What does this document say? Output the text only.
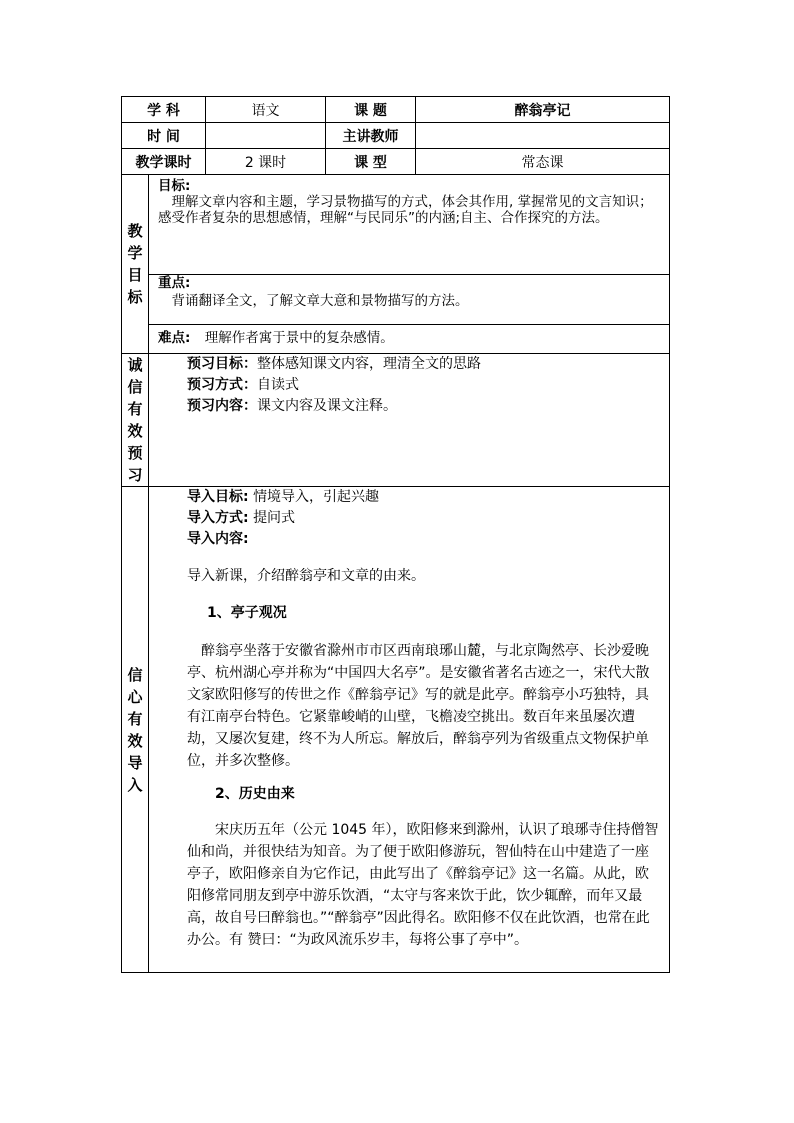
学 科	语文	课 题	醉翁亭记
时 间		主讲教师	
教学课时	2 课时	课 型	常态课

教
学
目
标

目标:
理解文章内容和主题，学习景物描写的方式，体会其作用, 掌握常见的文言知识；
感受作者复杂的思想感情，理解“与民同乐”的内涵;自主、合作探究的方法。

重点:
背诵翻译全文，了解文章大意和景物描写的方法。

难点: 理解作者寓于景中的复杂感情。

诚
信
有
效
预
习

预习目标：整体感知课文内容，理清全文的思路

预习方式：自读式

预习内容：课文内容及课文注释。

信
心
有
效
导
入

导入目标: 情境导入，引起兴趣

导入方式: 提问式

导入内容:

导入新课，介绍醉翁亭和文章的由来。

1、亭子观况

醉翁亭坐落于安徽省滁州市市区西南琅琊山麓，与北京陶然亭、长沙爱晚亭、杭州湖心亭并称为“中国四大名亭”。是安徽省著名古迹之一，宋代大散文家欧阳修写的传世之作《醉翁亭记》写的就是此亭。醉翁亭小巧独特，具有江南亭台特色。它紧靠峻峭的山壁，飞檐凌空挑出。数百年来虽屡次遭劫，又屡次复建，终不为人所忘。解放后，醉翁亭列为省级重点文物保护单位，并多次整修。

2、历史由来

宋庆历五年（公元 1045 年），欧阳修来到滁州，认识了琅琊寺住持僧智仙和尚，并很快结为知音。为了便于欧阳修游玩，智仙特在山中建造了一座亭子，欧阳修亲自为它作记，由此写出了《醉翁亭记》这一名篇。从此，欧阳修常同朋友到亭中游乐饮酒，“太守与客来饮于此，饮少辄醉，而年又最高，故自号曰醉翁也。”“醉翁亭”因此得名。欧阳修不仅在此饮酒，也常在此办公。有 赞曰：“为政风流乐岁丰，每将公事了亭中”。
